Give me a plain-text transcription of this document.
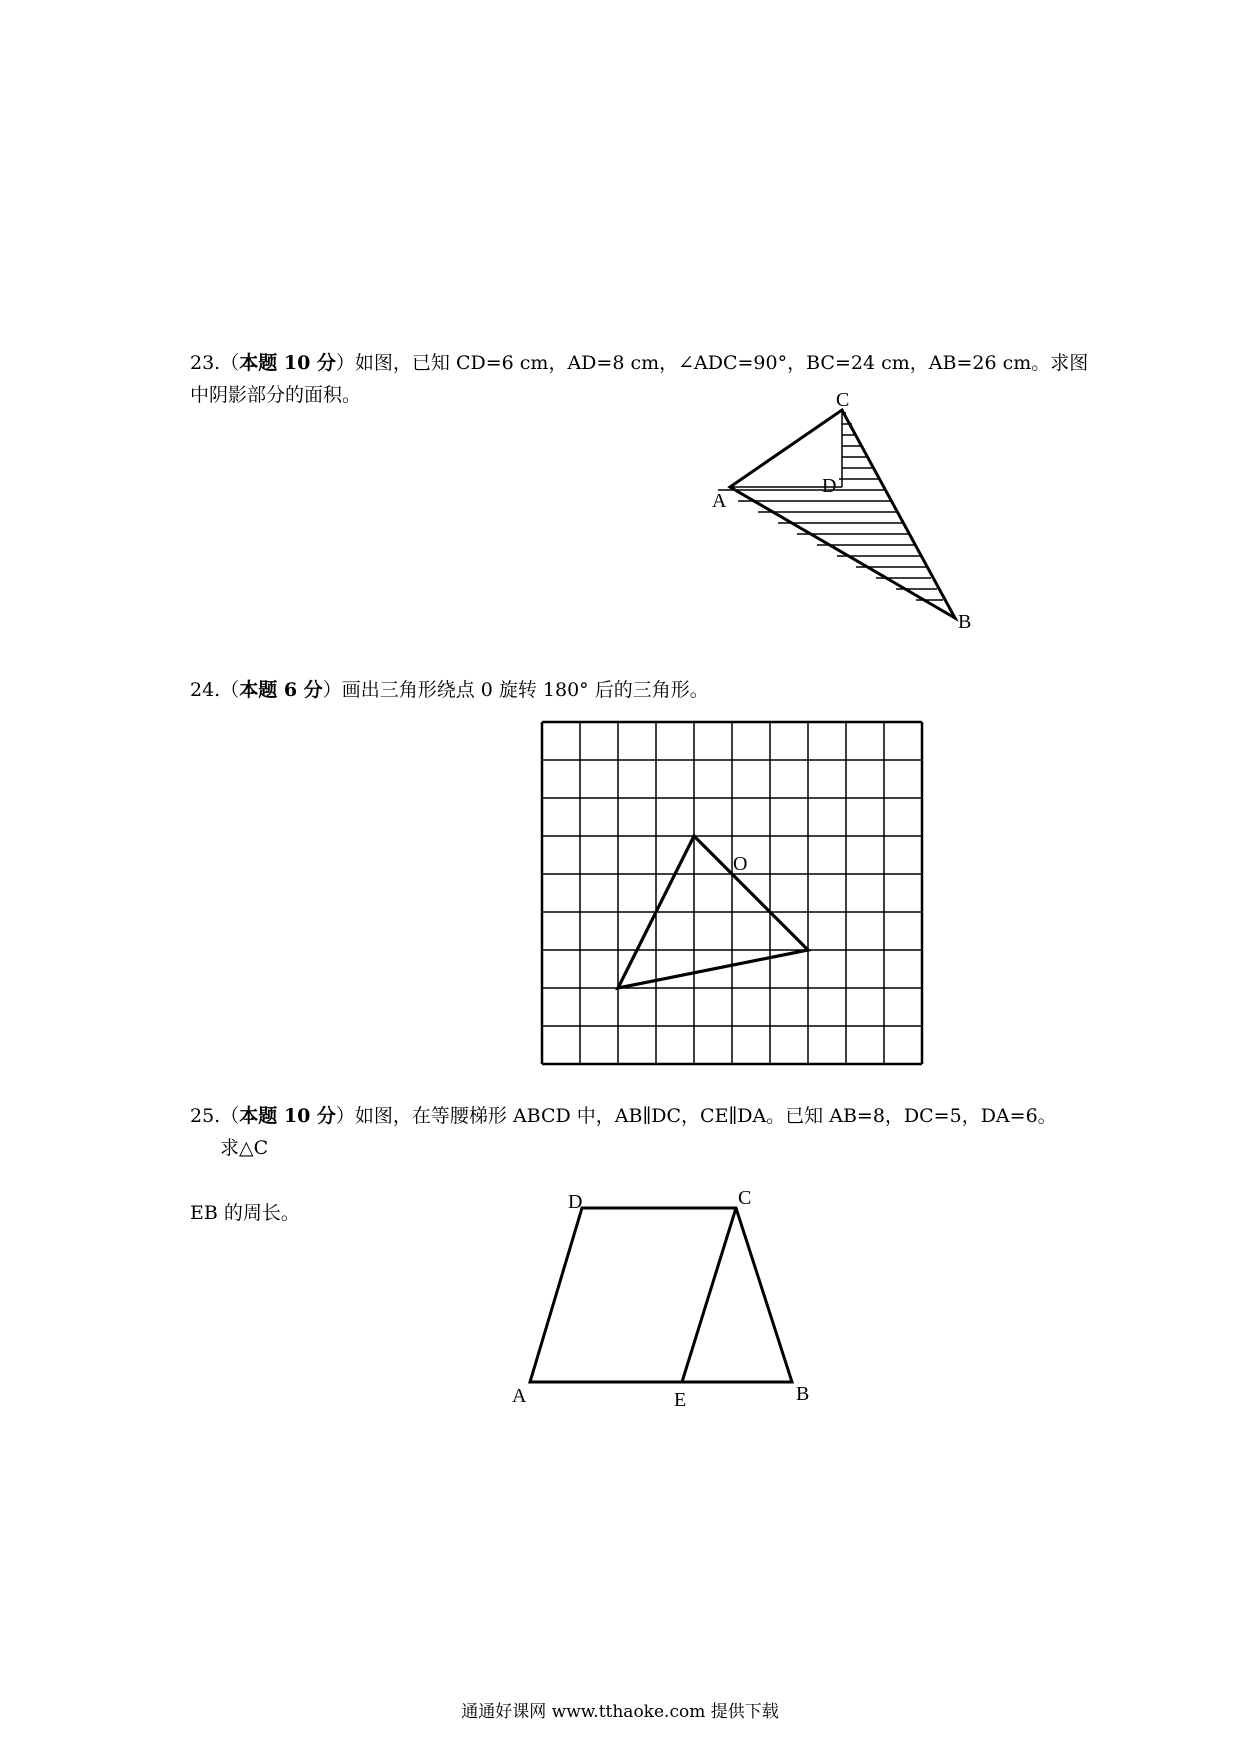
23.（本题 10 分）如图，已知 CD=6 cm，AD=8 cm，∠ADC=90°，BC=24 cm，AB=26 cm。求图
中阴影部分的面积。	C
D
A
B
24.（本题 6 分）画出三角形绕点 0 旋转 180° 后的三角形。
O
25.（本题 10 分）如图，在等腰梯形 ABCD 中，AB∥DC，CE∥DA。已知 AB=8，DC=5，DA=6。
求△C
EB 的周长。	D	C
A	E	B
通通好课网 www.tthaoke.com 提供下载
